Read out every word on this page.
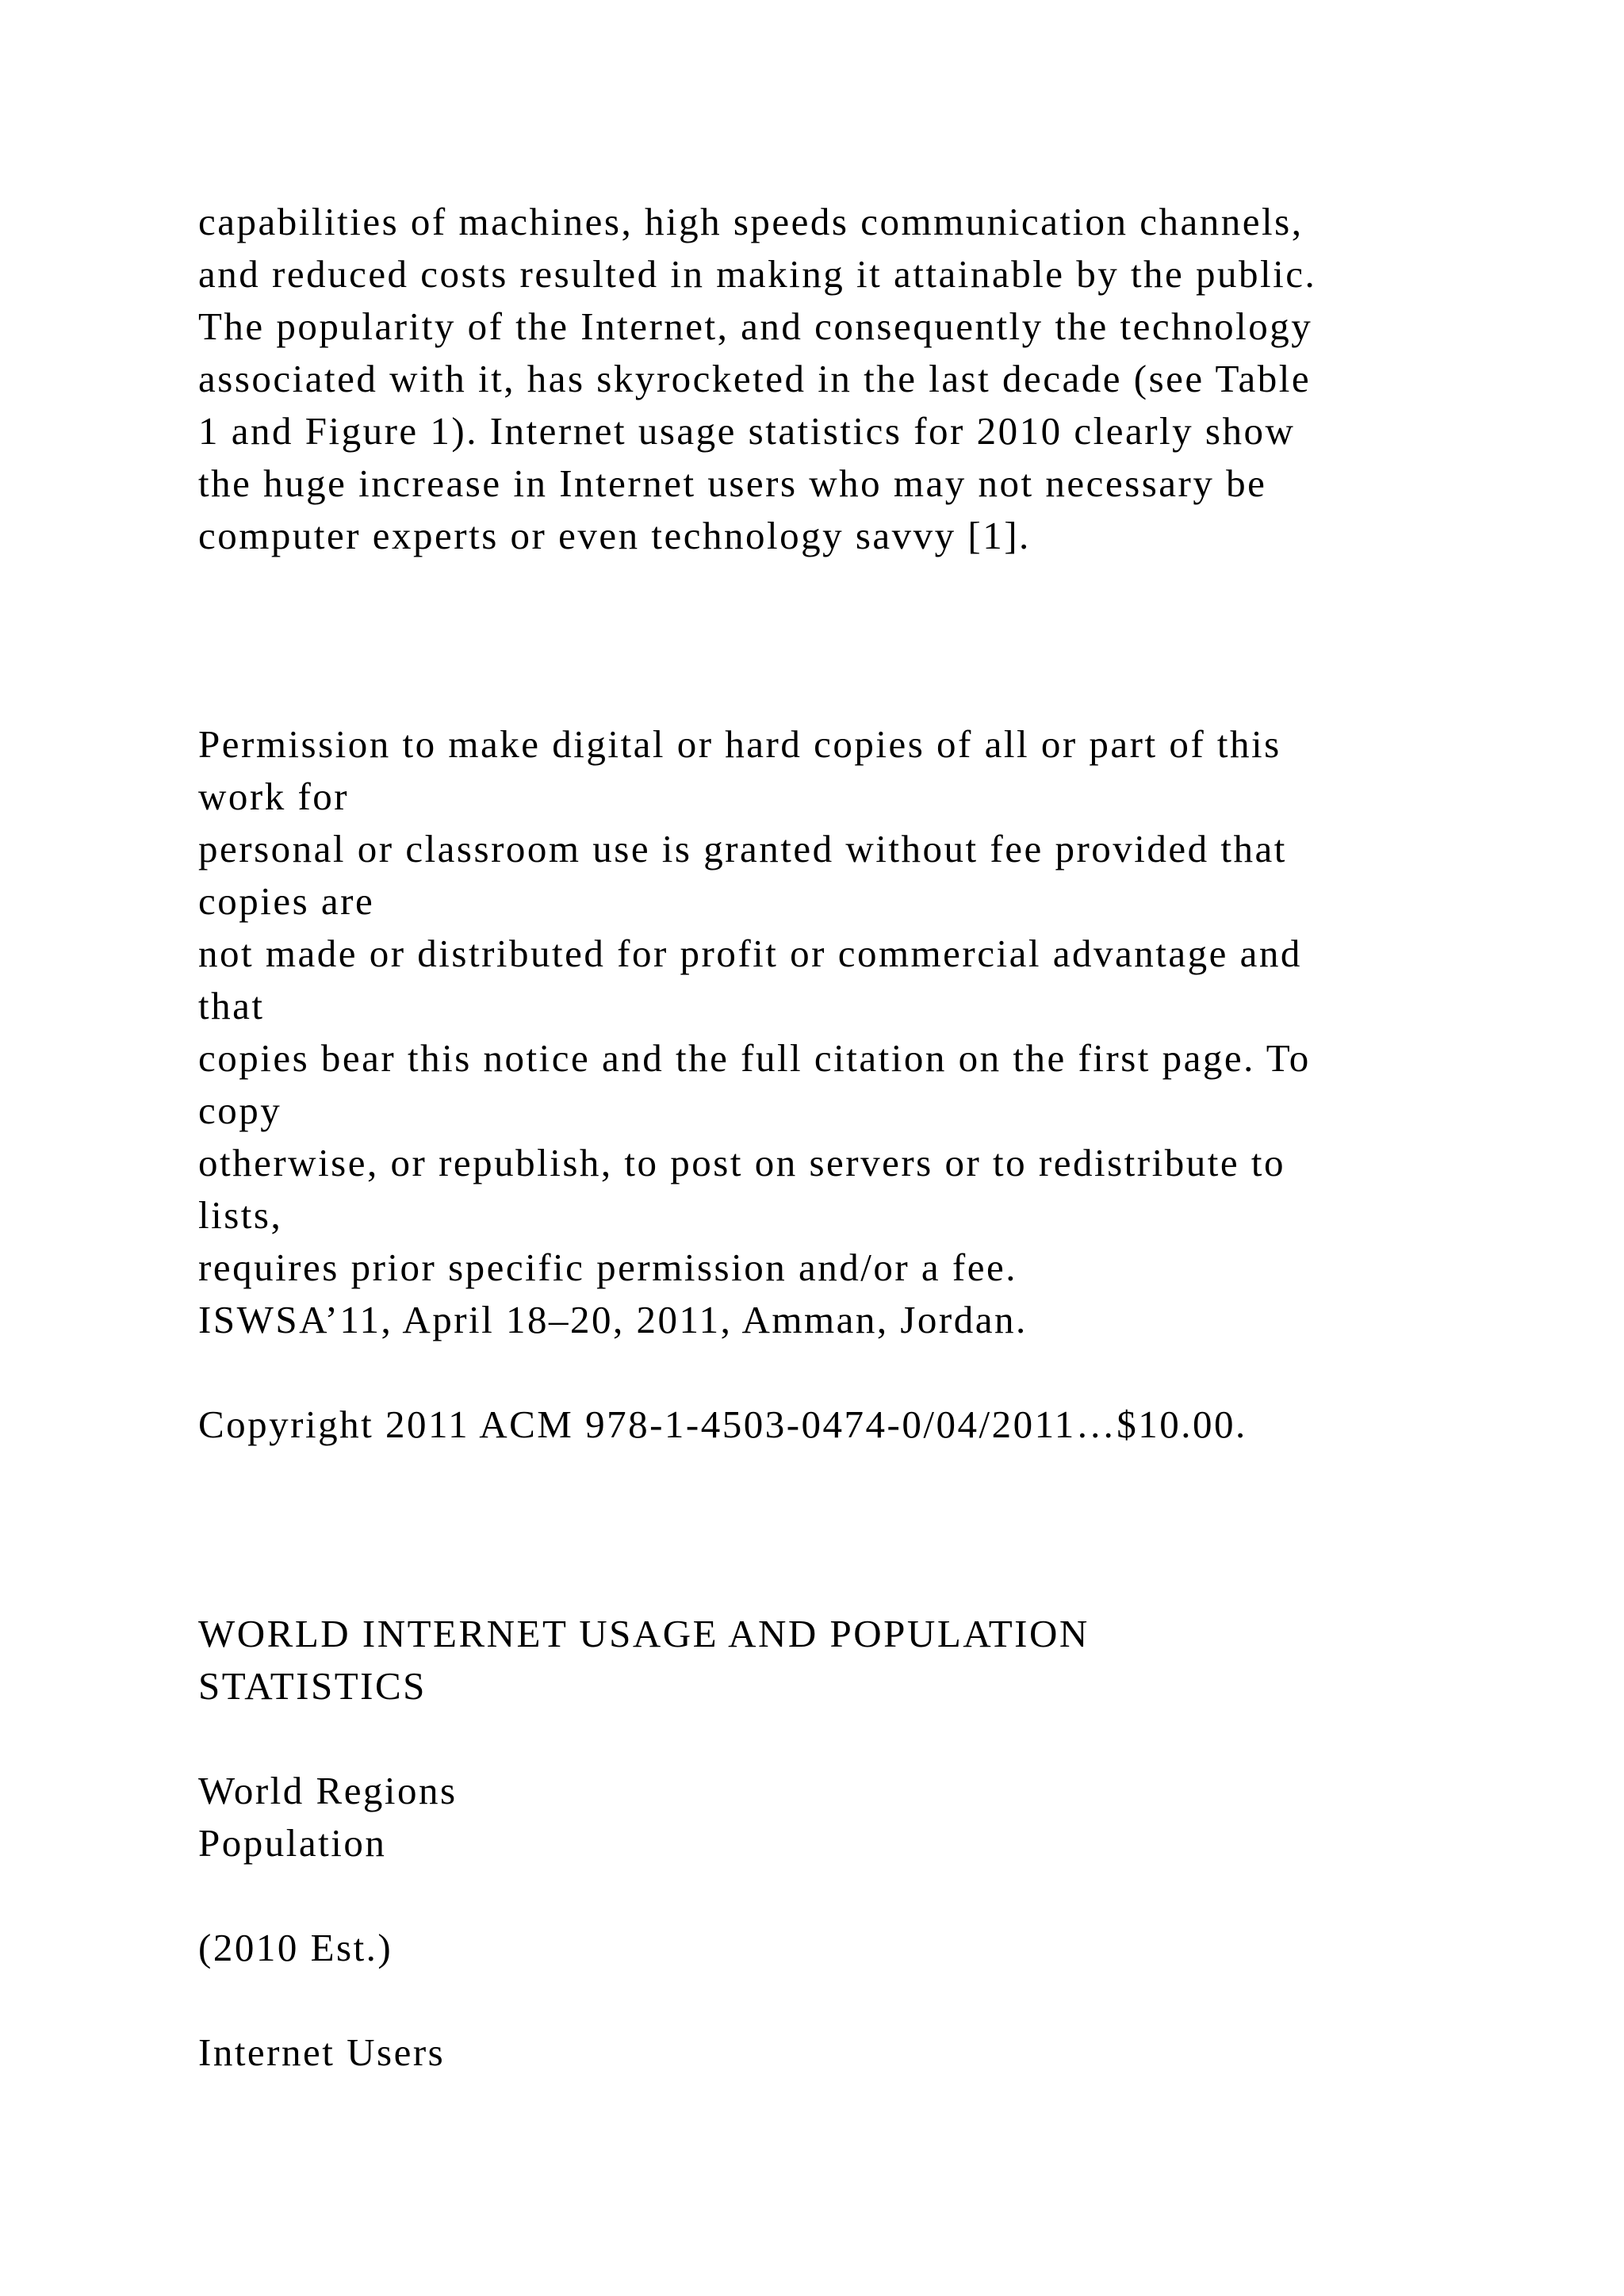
capabilities of machines, high speeds communication channels,

and reduced costs resulted in making it attainable by the public.

The popularity of the Internet, and consequently the technology

associated with it, has skyrocketed in the last decade (see Table

1 and Figure 1). Internet usage statistics for 2010 clearly show

the huge increase in Internet users who may not necessary be

computer experts or even technology savvy [1].

Permission to make digital or hard copies of all or part of this

work for

personal or classroom use is granted without fee provided that

copies are

not made or distributed for profit or commercial advantage and

that

copies bear this notice and the full citation on the first page. To

copy

otherwise, or republish, to post on servers or to redistribute to

lists,

requires prior specific permission and/or a fee.

ISWSA’11, April 18–20, 2011, Amman, Jordan.

Copyright 2011 ACM 978-1-4503-0474-0/04/2011…$10.00.

WORLD INTERNET USAGE AND POPULATION

STATISTICS

World Regions

Population

(2010 Est.)

Internet Users
